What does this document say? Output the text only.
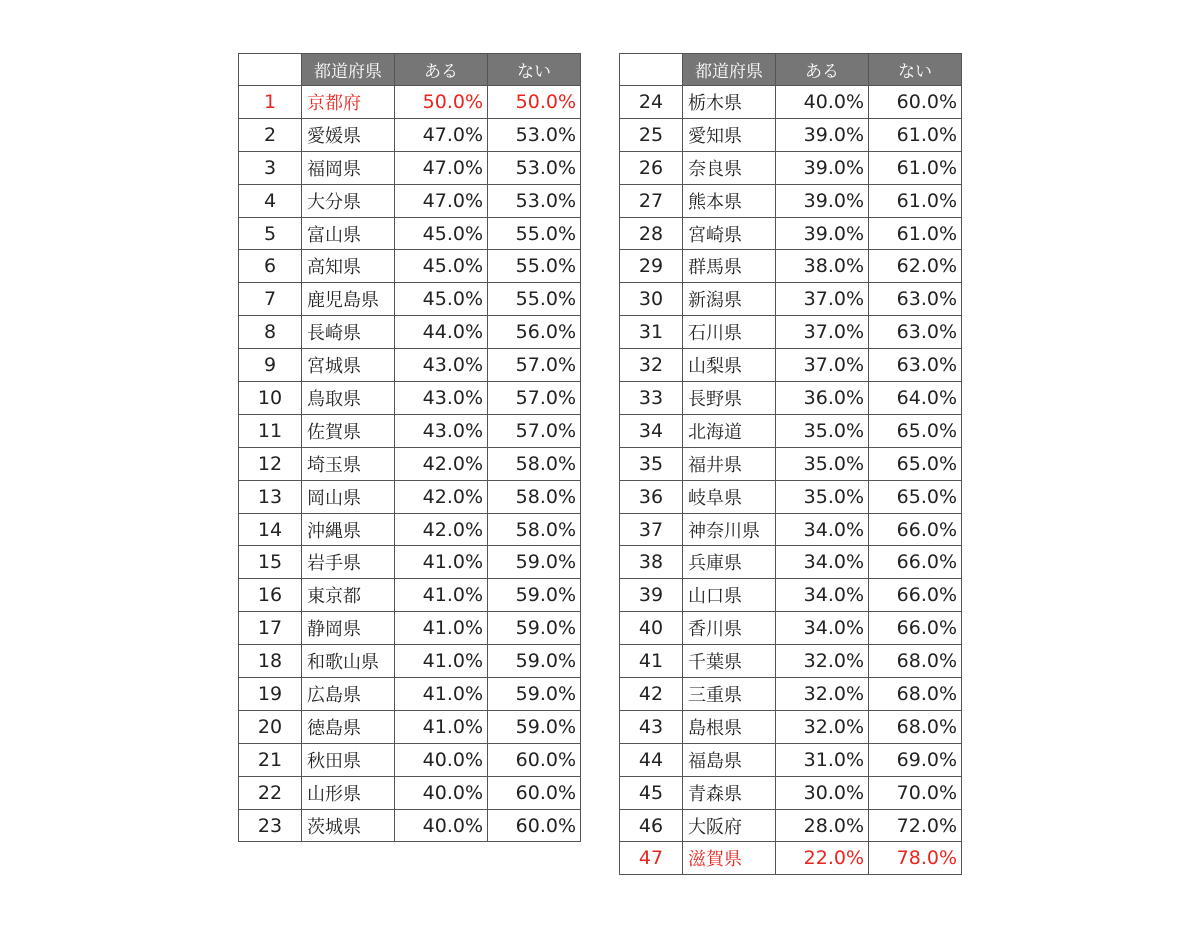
	都道府県	ある	ない
1	京都府	50.0%	50.0%
2	愛媛県	47.0%	53.0%
3	福岡県	47.0%	53.0%
4	大分県	47.0%	53.0%
5	富山県	45.0%	55.0%
6	高知県	45.0%	55.0%
7	鹿児島県	45.0%	55.0%
8	長崎県	44.0%	56.0%
9	宮城県	43.0%	57.0%
10	鳥取県	43.0%	57.0%
11	佐賀県	43.0%	57.0%
12	埼玉県	42.0%	58.0%
13	岡山県	42.0%	58.0%
14	沖縄県	42.0%	58.0%
15	岩手県	41.0%	59.0%
16	東京都	41.0%	59.0%
17	静岡県	41.0%	59.0%
18	和歌山県	41.0%	59.0%
19	広島県	41.0%	59.0%
20	徳島県	41.0%	59.0%
21	秋田県	40.0%	60.0%
22	山形県	40.0%	60.0%
23	茨城県	40.0%	60.0%
	都道府県	ある	ない
24	栃木県	40.0%	60.0%
25	愛知県	39.0%	61.0%
26	奈良県	39.0%	61.0%
27	熊本県	39.0%	61.0%
28	宮崎県	39.0%	61.0%
29	群馬県	38.0%	62.0%
30	新潟県	37.0%	63.0%
31	石川県	37.0%	63.0%
32	山梨県	37.0%	63.0%
33	長野県	36.0%	64.0%
34	北海道	35.0%	65.0%
35	福井県	35.0%	65.0%
36	岐阜県	35.0%	65.0%
37	神奈川県	34.0%	66.0%
38	兵庫県	34.0%	66.0%
39	山口県	34.0%	66.0%
40	香川県	34.0%	66.0%
41	千葉県	32.0%	68.0%
42	三重県	32.0%	68.0%
43	島根県	32.0%	68.0%
44	福島県	31.0%	69.0%
45	青森県	30.0%	70.0%
46	大阪府	28.0%	72.0%
47	滋賀県	22.0%	78.0%
